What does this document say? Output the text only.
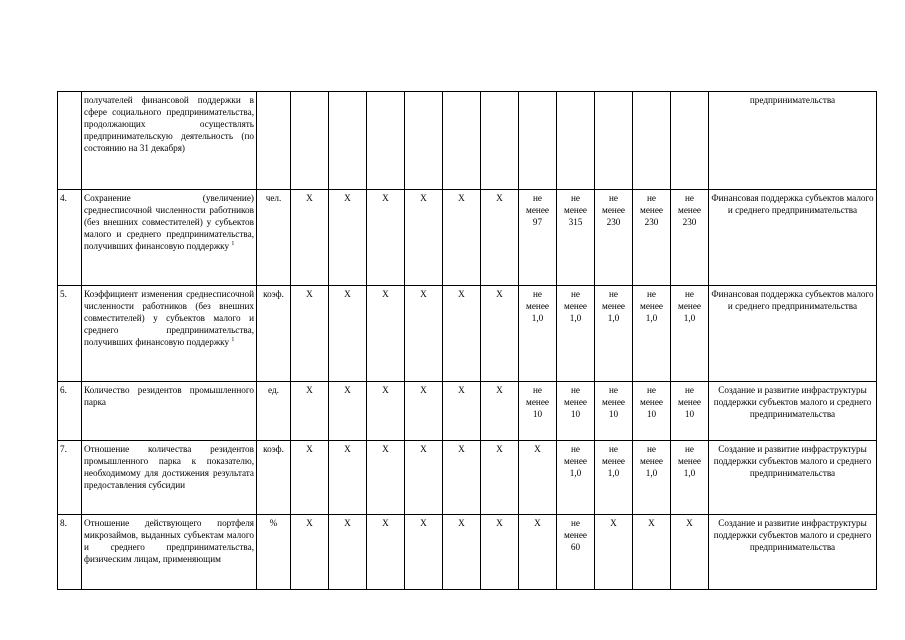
	получателей финансовой поддержки в сфере социального предпринимательства, продолжающих осуществлять предпринимательскую деятельность (по состоянию на 31 декабря)													предпринимательства
4.	Сохранение (увеличение) среднесписочной численности работников (без внешних совместителей) у субъектов малого и среднего предпринимательства, получивших финансовую поддержку $^1$	чел.	X	X	X	X	X	X	не
менее
97	не
менее
315	не
менее
230	не
менее
230	не
менее
230	Финансовая поддержка субъектов малого и среднего предпринимательства
5.	Коэффициент изменения среднесписочной численности работников (без внешних совместителей) у субъектов малого и среднего предпринимательства, получивших финансовую поддержку $^1$	коэф.	X	X	X	X	X	X	не
менее
1,0	не
менее
1,0	не
менее
1,0	не
менее
1,0	не
менее
1,0	Финансовая поддержка субъектов малого и среднего предпринимательства
6.	Количество резидентов промышленного парка	ед.	X	X	X	X	X	X	не
менее
10	не
менее
10	не
менее
10	не
менее
10	не
менее
10	Создание и развитие инфраструктуры поддержки субъектов малого и среднего предпринимательства
7.	Отношение количества резидентов промышленного парка к показателю, необходимому для достижения результата предоставления субсидии	коэф.	X	X	X	X	X	X	X	не
менее
1,0	не
менее
1,0	не
менее
1,0	не
менее
1,0	Создание и развитие инфраструктуры поддержки субъектов малого и среднего предпринимательства
8.	Отношение действующего портфеля микрозаймов, выданных субъектам малого и среднего предпринимательства, физическим лицам, применяющим	%	X	X	X	X	X	X	X	не
менее
60	X	X	X	Создание и развитие инфраструктуры поддержки субъектов малого и среднего предпринимательства
